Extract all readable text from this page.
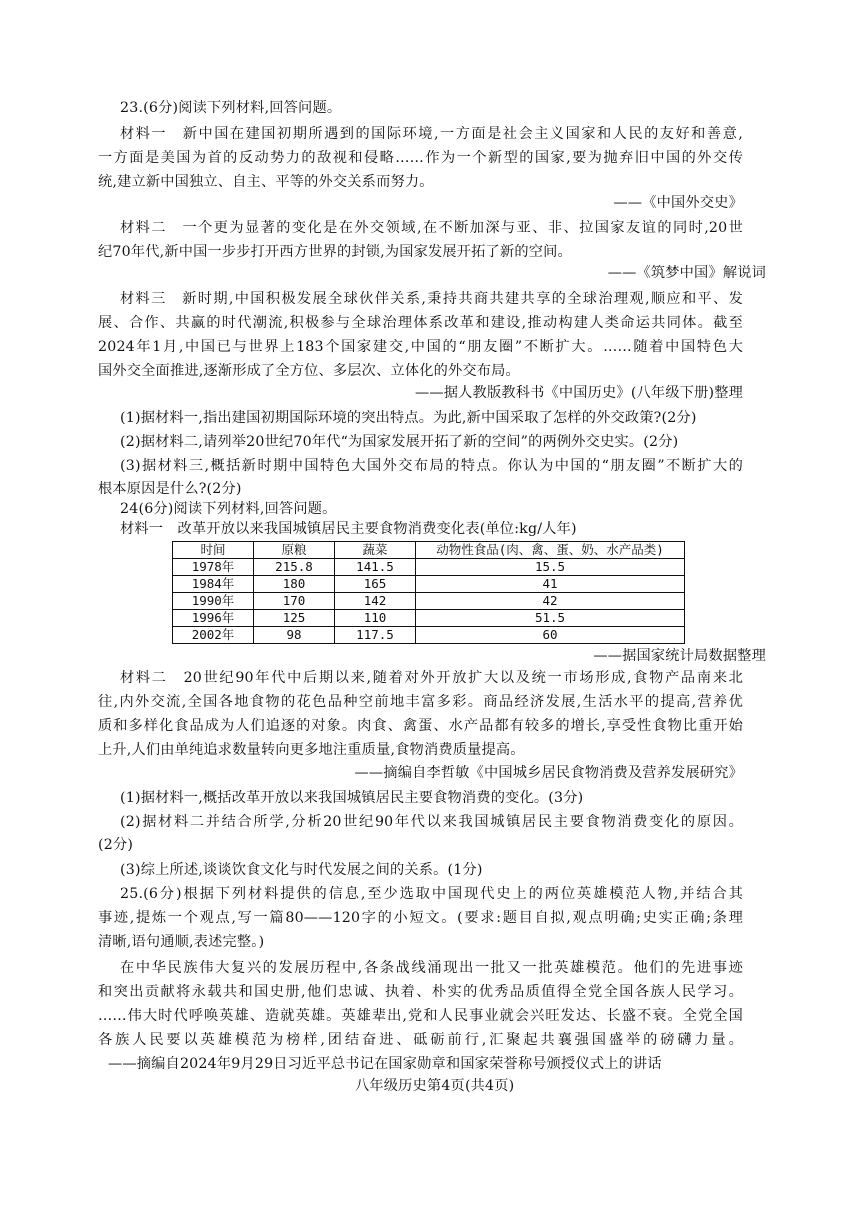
23.(6分)阅读下列材料,回答问题。
材料一　新中国在建国初期所遇到的国际环境,一方面是社会主义国家和人民的友好和善意,
一方面是美国为首的反动势力的敌视和侵略……作为一个新型的国家,要为抛弃旧中国的外交传
统,建立新中国独立、自主、平等的外交关系而努力。
——《中国外交史》
材料二　一个更为显著的变化是在外交领域,在不断加深与亚、非、拉国家友谊的同时,20世
纪70年代,新中国一步步打开西方世界的封锁,为国家发展开拓了新的空间。
——《筑梦中国》解说词
材料三　新时期,中国积极发展全球伙伴关系,秉持共商共建共享的全球治理观,顺应和平、发
展、合作、共赢的时代潮流,积极参与全球治理体系改革和建设,推动构建人类命运共同体。截至
2024年1月,中国已与世界上183个国家建交,中国的“朋友圈”不断扩大。……随着中国特色大
国外交全面推进,逐渐形成了全方位、多层次、立体化的外交布局。
——据人教版教科书《中国历史》(八年级下册)整理
(1)据材料一,指出建国初期国际环境的突出特点。为此,新中国采取了怎样的外交政策?(2分)
(2)据材料二,请列举20世纪70年代“为国家发展开拓了新的空间”的两例外交史实。(2分)
(3)据材料三,概括新时期中国特色大国外交布局的特点。你认为中国的“朋友圈”不断扩大的
根本原因是什么?(2分)
24(6分)阅读下列材料,回答问题。
材料一　改革开放以来我国城镇居民主要食物消费变化表(单位:kg/人年)
时间	原粮	蔬菜	动物性食品(肉、禽、蛋、奶、水产品类)
1978年	215.8	141.5	15.5
1984年	180	165	41
1990年	170	142	42
1996年	125	110	51.5
2002年	98	117.5	60
——据国家统计局数据整理
材料二　20世纪90年代中后期以来,随着对外开放扩大以及统一市场形成,食物产品南来北
往,内外交流,全国各地食物的花色品种空前地丰富多彩。商品经济发展,生活水平的提高,营养优
质和多样化食品成为人们追逐的对象。肉食、禽蛋、水产品都有较多的增长,享受性食物比重开始
上升,人们由单纯追求数量转向更多地注重质量,食物消费质量提高。
——摘编自李哲敏《中国城乡居民食物消费及营养发展研究》
(1)据材料一,概括改革开放以来我国城镇居民主要食物消费的变化。(3分)
(2)据材料二并结合所学,分析20世纪90年代以来我国城镇居民主要食物消费变化的原因。
(2分)
(3)综上所述,谈谈饮食文化与时代发展之间的关系。(1分)
25.(6分)根据下列材料提供的信息,至少选取中国现代史上的两位英雄模范人物,并结合其
事迹,提炼一个观点,写一篇80——120字的小短文。(要求:题目自拟,观点明确;史实正确;条理
清晰,语句通顺,表述完整。)
在中华民族伟大复兴的发展历程中,各条战线涌现出一批又一批英雄模范。他们的先进事迹
和突出贡献将永载共和国史册,他们忠诚、执着、朴实的优秀品质值得全党全国各族人民学习。
……伟大时代呼唤英雄、造就英雄。英雄辈出,党和人民事业就会兴旺发达、长盛不衰。全党全国
各族人民要以英雄模范为榜样,团结奋进、砥砺前行,汇聚起共襄强国盛举的磅礴力量。
——摘编自2024年9月29日习近平总书记在国家勋章和国家荣誉称号颁授仪式上的讲话
八年级历史第4页(共4页)
